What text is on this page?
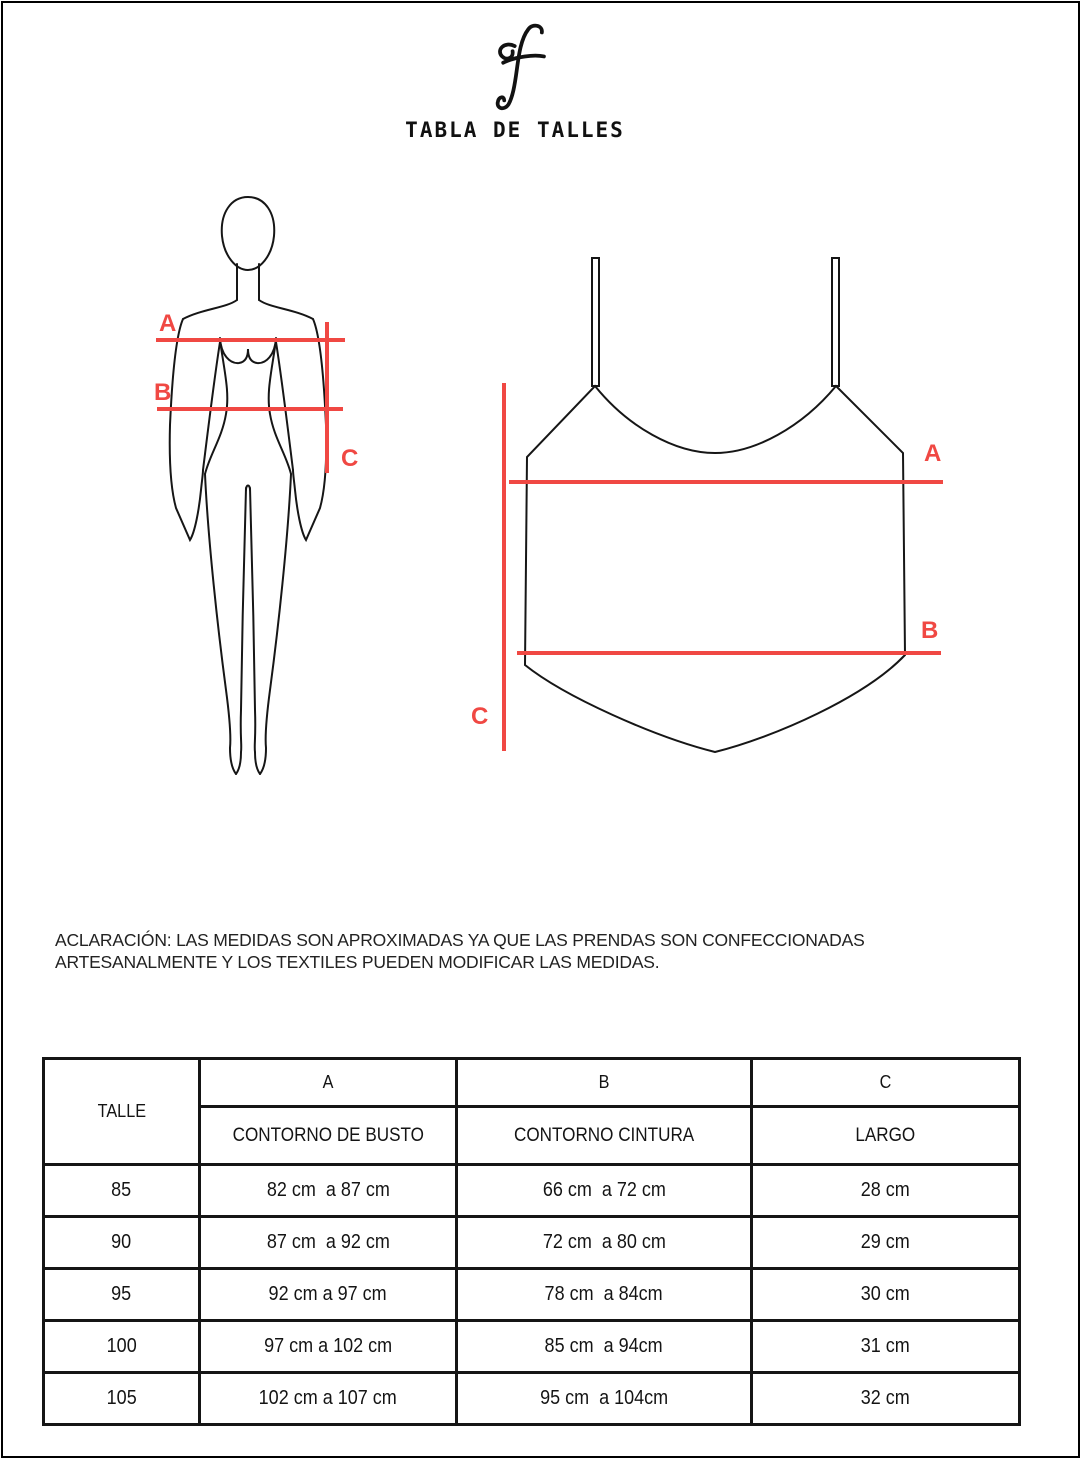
TABLA DE TALLES
A
B
C	A
B
C

ACLARACIÓN: LAS MEDIDAS SON APROXIMADAS YA QUE LAS PRENDAS SON CONFECCIONADAS ARTESANALMENTE Y LOS TEXTILES PUEDEN MODIFICAR LAS MEDIDAS.

TALLE	A	B	C
	CONTORNO DE BUSTO	CONTORNO CINTURA	LARGO
85	82 cm  a 87 cm	66 cm  a 72 cm	28 cm
90	87 cm  a 92 cm	72 cm  a 80 cm	29 cm
95	92 cm a 97 cm	78 cm  a 84cm	30 cm
100	97 cm a 102 cm	85 cm  a 94cm	31 cm
105	102 cm a 107 cm	95 cm  a 104cm	32 cm
